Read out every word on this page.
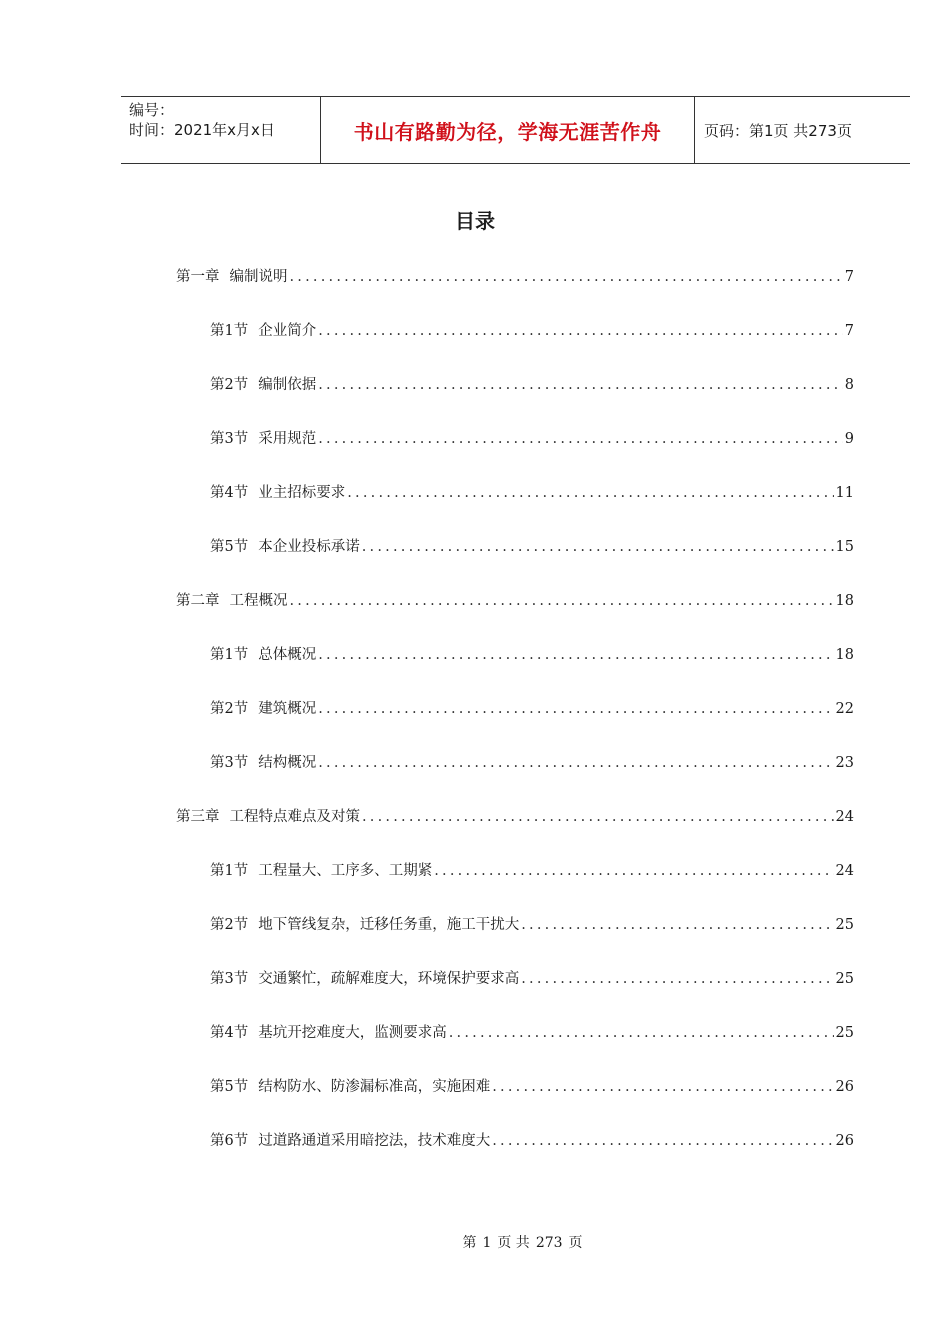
编号：
时间：2021年x月x日	书山有路勤为径，学海无涯苦作舟	页码：第1页 共273页
目录
第一章 编制说明 .....	7
第1节 企业简介 .....	7
第2节 编制依据 .....	8
第3节 采用规范 .....	9
第4节 业主招标要求 .....	11
第5节 本企业投标承诺 .....	15
第二章 工程概况 .....	18
第1节 总体概况 .....	18
第2节 建筑概况 .....	22
第3节 结构概况 .....	23
第三章 工程特点难点及对策 .....	24
第1节 工程量大、工序多、工期紧 .....	24
第2节 地下管线复杂，迁移任务重，施工干扰大 .....	25
第3节 交通繁忙，疏解难度大，环境保护要求高 .....	25
第4节 基坑开挖难度大，监测要求高 .....	25
第5节 结构防水、防渗漏标准高，实施困难 .....	26
第6节 过道路通道采用暗挖法，技术难度大 .....	26
第 1 页 共 273 页
